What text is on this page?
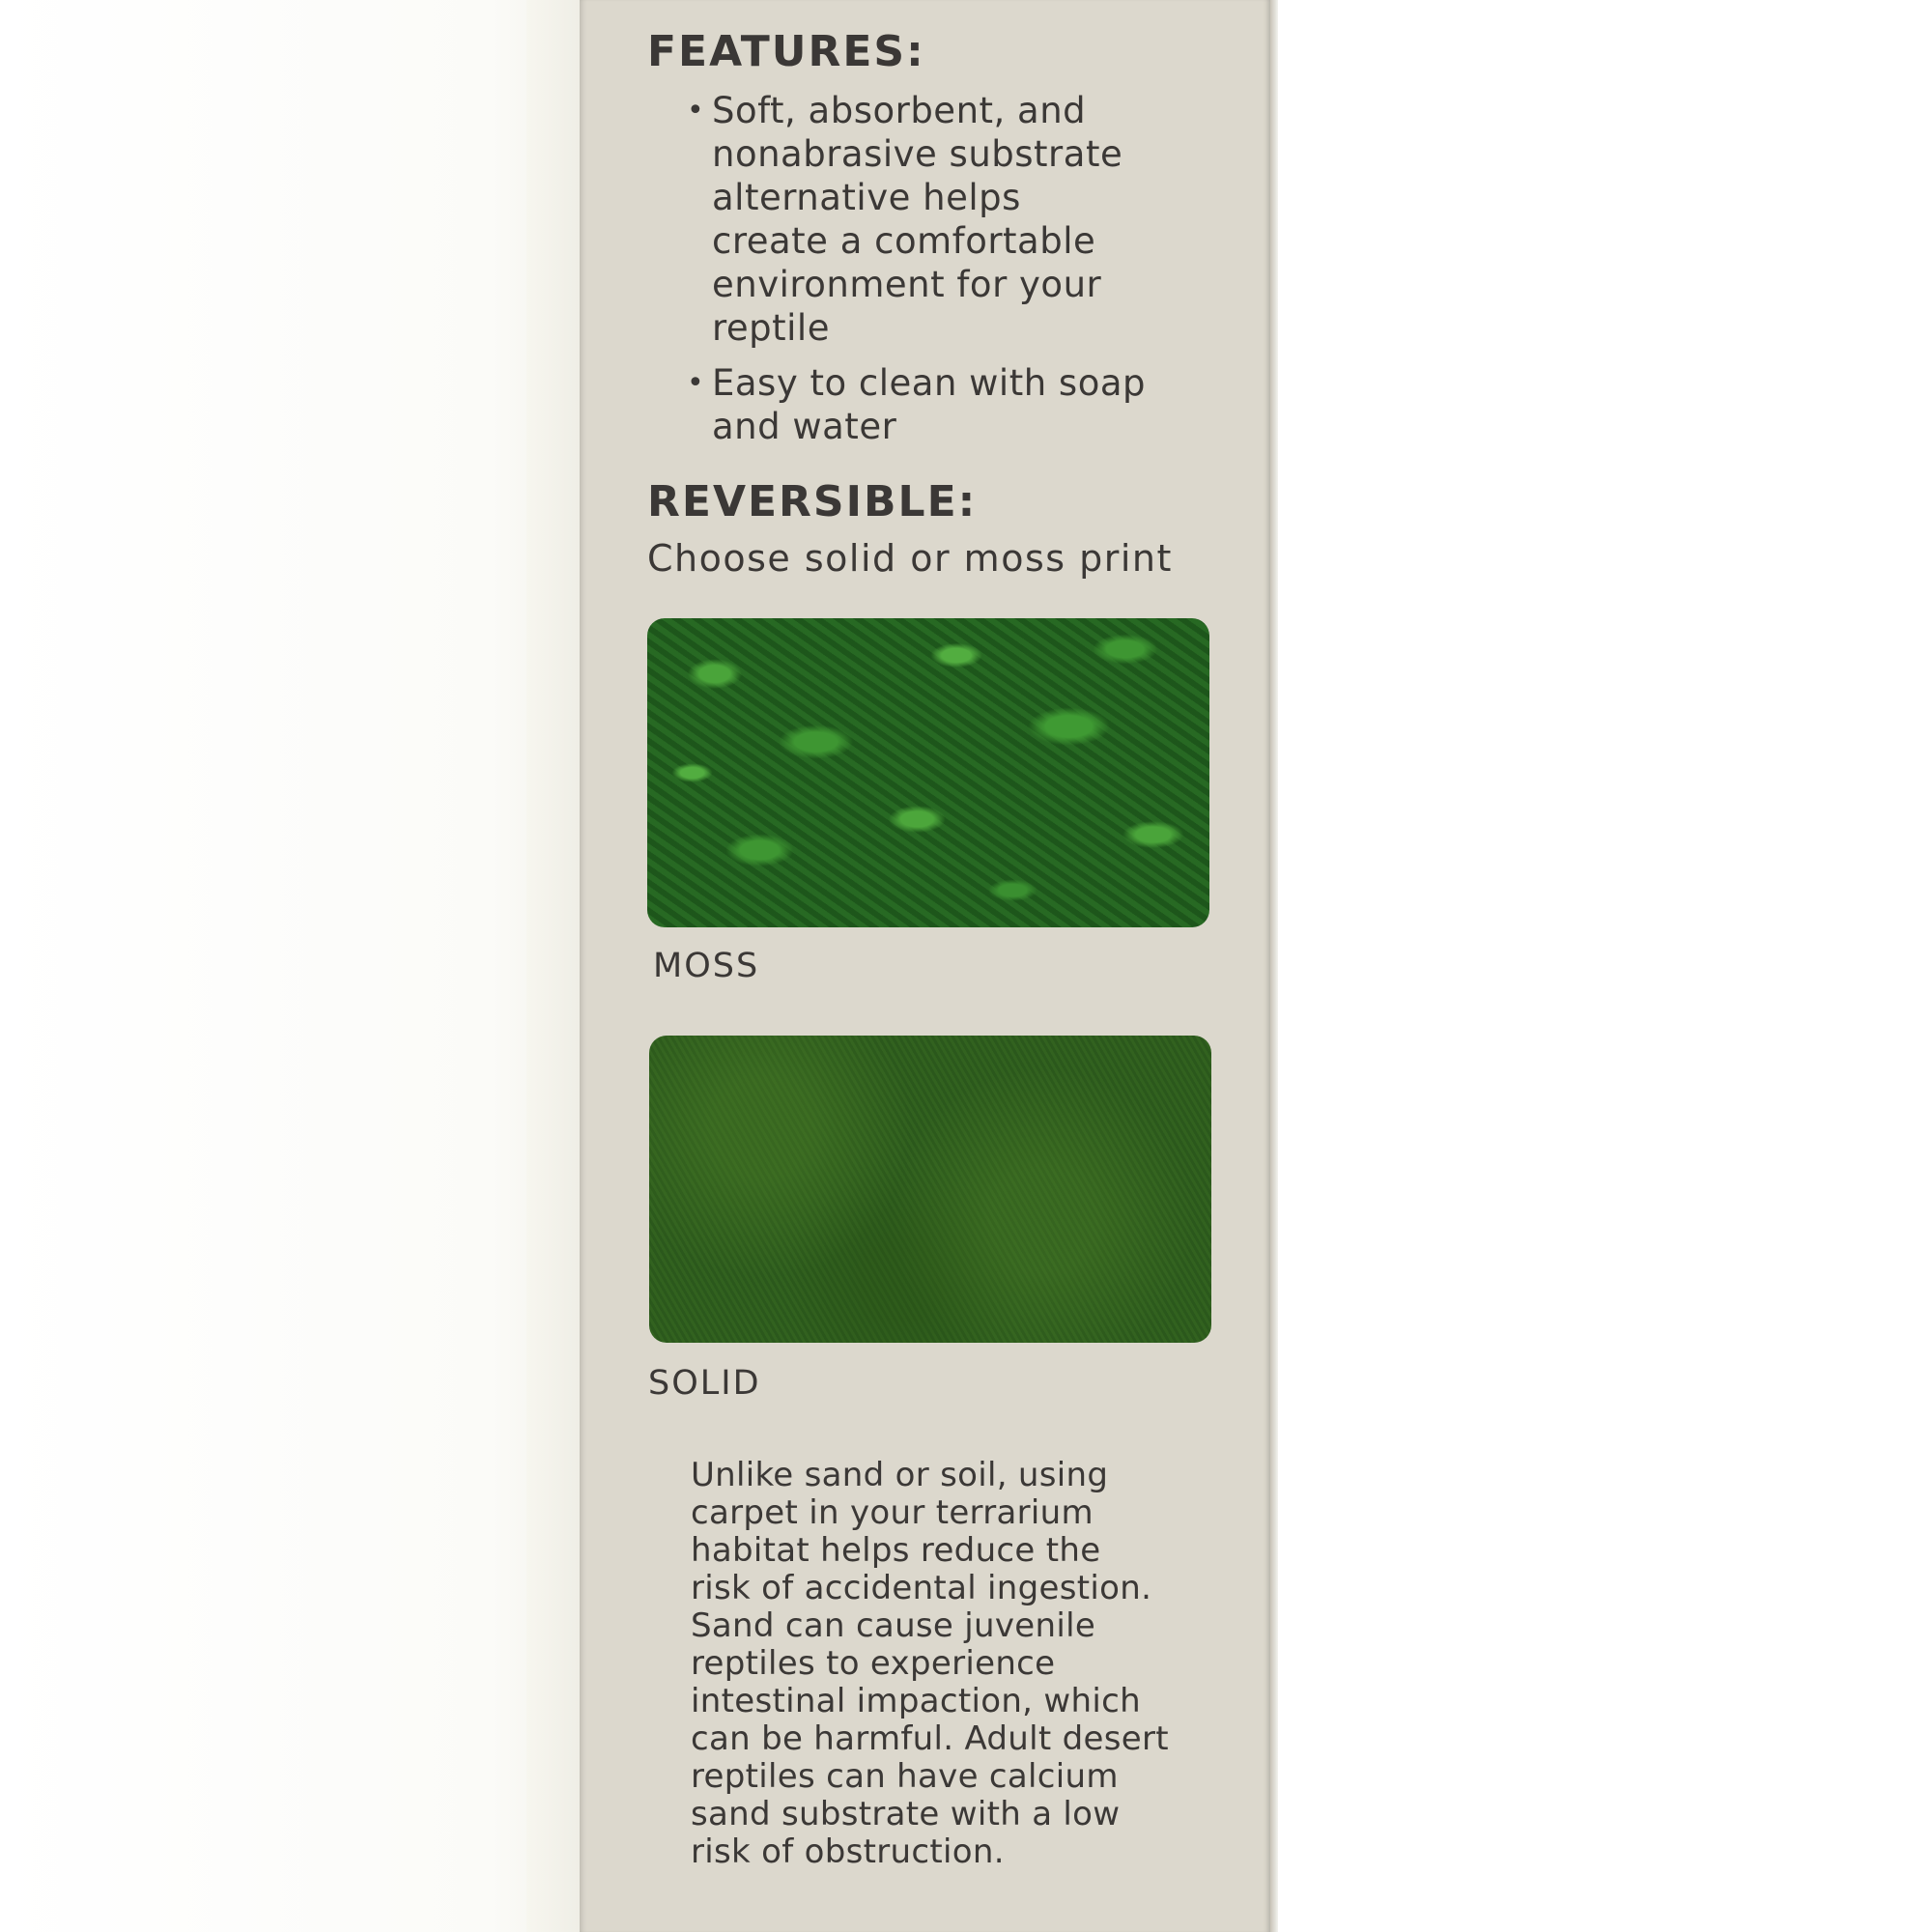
FEATURES:
• Soft, absorbent, and
nonabrasive substrate
alternative helps
create a comfortable
environment for your
reptile
• Easy to clean with soap
and water
REVERSIBLE:

Choose solid or moss print

MOSS

SOLID

Unlike sand or soil, using
carpet in your terrarium
habitat helps reduce the
risk of accidental ingestion.
Sand can cause juvenile
reptiles to experience
intestinal impaction, which
can be harmful. Adult desert
reptiles can have calcium
sand substrate with a low
risk of obstruction.
